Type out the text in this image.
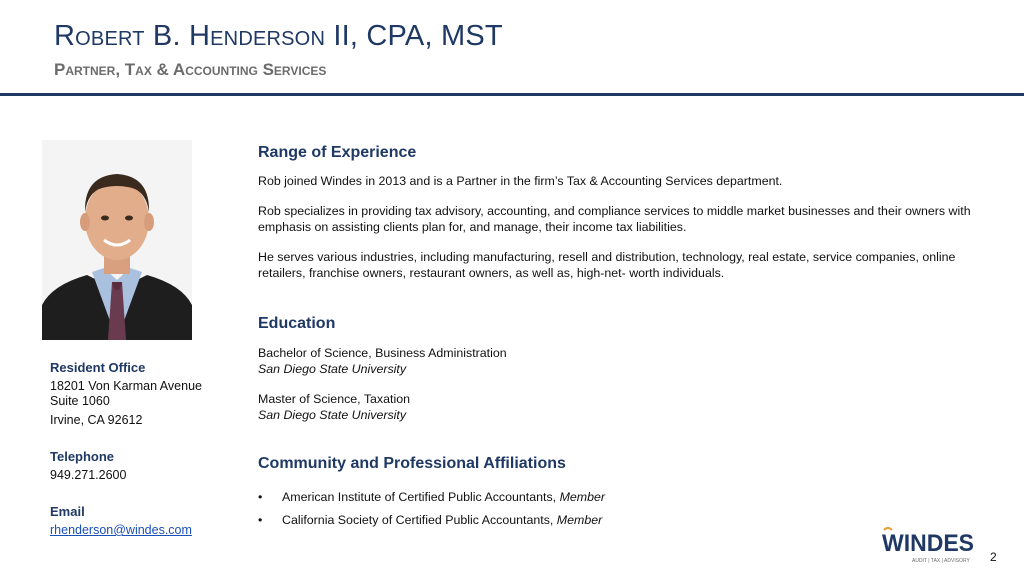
Robert B. Henderson II, CPA, MST
Partner, Tax & Accounting Services
Resident Office
18201 Von Karman Avenue
Suite 1060
Irvine, CA 92612
Telephone
949.271.2600
Email
rhenderson@windes.com
Range of Experience
Rob joined Windes in 2013 and is a Partner in the firm’s Tax & Accounting Services department.
Rob specializes in providing tax advisory, accounting, and compliance services to middle market businesses and their owners with emphasis on assisting clients plan for, and manage, their income tax liabilities.
He serves various industries, including manufacturing, resell and distribution, technology, real estate, service companies, online retailers, franchise owners, restaurant owners, as well as, high-net- worth individuals.
Education
Bachelor of Science, Business Administration
San Diego State University
Master of Science, Taxation
San Diego State University
Community and Professional Affiliations
• American Institute of Certified Public Accountants, Member
• California Society of Certified Public Accountants, Member
WINDES
AUDIT | TAX | ADVISORY 2
